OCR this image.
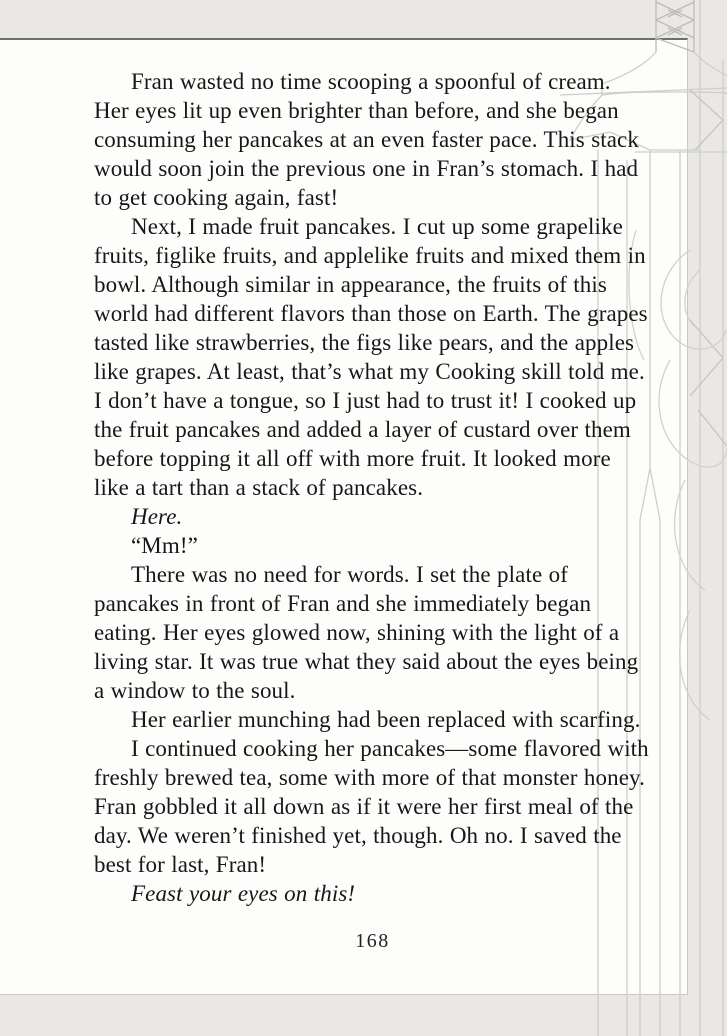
Fran wasted no time scooping a spoonful of cream. Her eyes lit up even brighter than before, and she began consuming her pancakes at an even faster pace. This stack would soon join the previous one in Fran’s stomach. I had to get cooking again, fast!

Next, I made fruit pancakes. I cut up some grapelike fruits, figlike fruits, and applelike fruits and mixed them in bowl. Although similar in appearance, the fruits of this world had different flavors than those on Earth. The grapes tasted like strawberries, the figs like pears, and the apples like grapes. At least, that’s what my Cooking skill told me. I don’t have a tongue, so I just had to trust it! I cooked up the fruit pancakes and added a layer of custard over them before topping it all off with more fruit. It looked more like a tart than a stack of pancakes.

Here.

“Mm!”

There was no need for words. I set the plate of pancakes in front of Fran and she immediately began eating. Her eyes glowed now, shining with the light of a living star. It was true what they said about the eyes being a window to the soul.

Her earlier munching had been replaced with scarfing.

I continued cooking her pancakes—some flavored with freshly brewed tea, some with more of that monster honey. Fran gobbled it all down as if it were her first meal of the day. We weren’t finished yet, though. Oh no. I saved the best for last, Fran!

Feast your eyes on this!

168
